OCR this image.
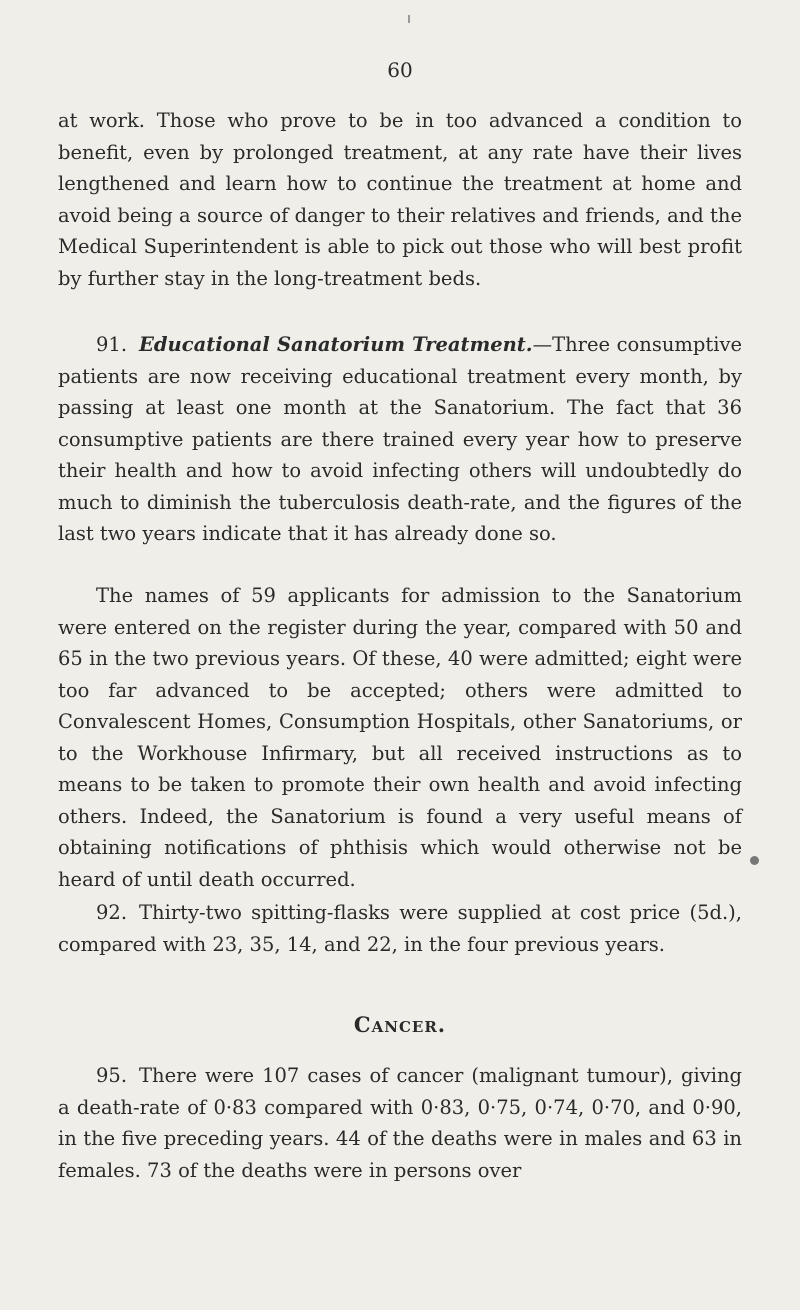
60

at work. Those who prove to be in too advanced a condition to benefit, even by prolonged treatment, at any rate have their lives lengthened and learn how to continue the treatment at home and avoid being a source of danger to their relatives and friends, and the Medical Superintendent is able to pick out those who will best profit by further stay in the long-treatment beds.

91. Educational Sanatorium Treatment.—Three consumptive patients are now receiving educational treatment every month, by passing at least one month at the Sanatorium. The fact that 36 consumptive patients are there trained every year how to preserve their health and how to avoid infecting others will undoubtedly do much to diminish the tuberculosis death-rate, and the figures of the last two years indicate that it has already done so.

The names of 59 applicants for admission to the Sanatorium were entered on the register during the year, compared with 50 and 65 in the two previous years. Of these, 40 were admitted; eight were too far advanced to be accepted; others were admitted to Convalescent Homes, Consumption Hospitals, other Sanatoriums, or to the Workhouse Infirmary, but all received instructions as to means to be taken to promote their own health and avoid infecting others. Indeed, the Sanatorium is found a very useful means of obtaining notifications of phthisis which would otherwise not be heard of until death occurred.

92. Thirty-two spitting-flasks were supplied at cost price (5d.), compared with 23, 35, 14, and 22, in the four previous years.

Cancer.

95. There were 107 cases of cancer (malignant tumour), giving a death-rate of 0·83 compared with 0·83, 0·75, 0·74, 0·70, and 0·90, in the five preceding years. 44 of the deaths were in males and 63 in females. 73 of the deaths were in persons over
